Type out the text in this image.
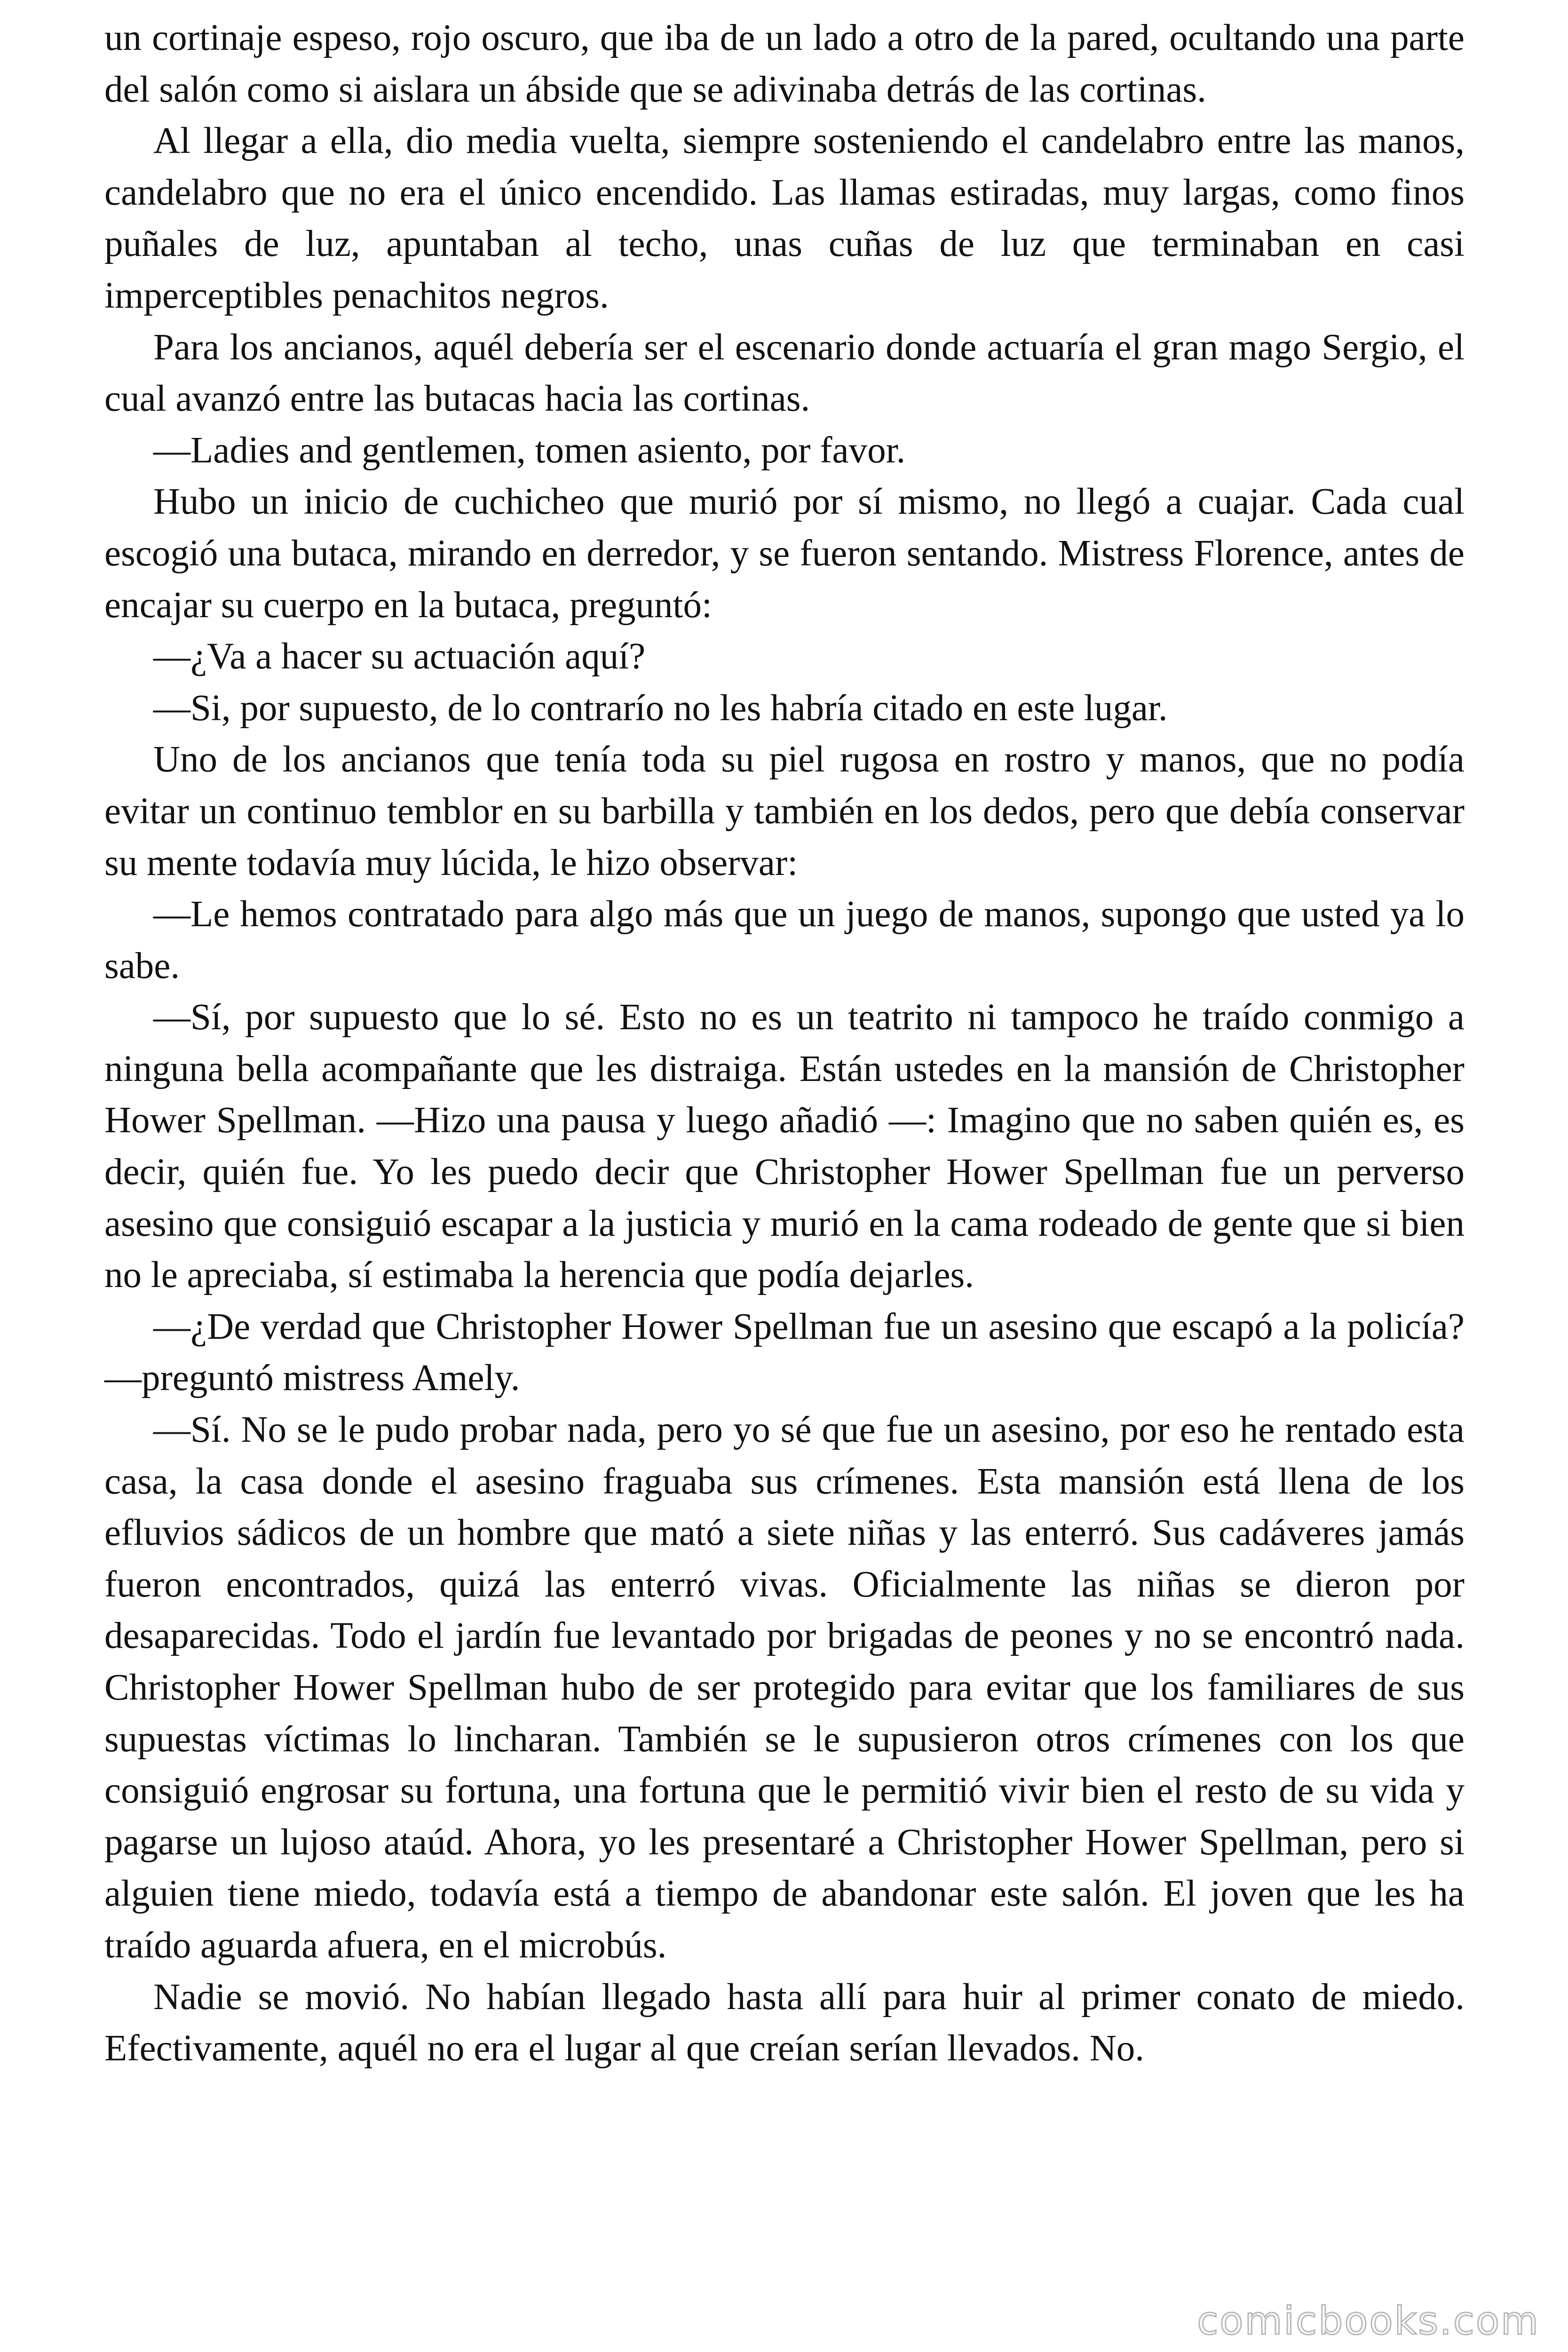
un cortinaje espeso, rojo oscuro, que iba de un lado a otro de la pared, ocultando una parte del salón como si aislara un ábside que se adivinaba detrás de las cortinas.

Al llegar a ella, dio media vuelta, siempre sosteniendo el candelabro entre las manos, candelabro que no era el único encendido. Las llamas estiradas, muy largas, como finos puñales de luz, apuntaban al techo, unas cuñas de luz que terminaban en casi imperceptibles penachitos negros.

Para los ancianos, aquél debería ser el escenario donde actuaría el gran mago Sergio, el cual avanzó entre las butacas hacia las cortinas.

—Ladies and gentlemen, tomen asiento, por favor.

Hubo un inicio de cuchicheo que murió por sí mismo, no llegó a cuajar. Cada cual escogió una butaca, mirando en derredor, y se fueron sentando. Mistress Florence, antes de encajar su cuerpo en la butaca, preguntó:

—¿Va a hacer su actuación aquí?

—Si, por supuesto, de lo contrarío no les habría citado en este lugar.

Uno de los ancianos que tenía toda su piel rugosa en rostro y manos, que no podía evitar un continuo temblor en su barbilla y también en los dedos, pero que debía conservar su mente todavía muy lúcida, le hizo observar:

—Le hemos contratado para algo más que un juego de manos, supongo que usted ya lo sabe.

—Sí, por supuesto que lo sé. Esto no es un teatrito ni tampoco he traído conmigo a ninguna bella acompañante que les distraiga. Están ustedes en la mansión de Christopher Hower Spellman. —Hizo una pausa y luego añadió —: Imagino que no saben quién es, es decir, quién fue. Yo les puedo decir que Christopher Hower Spellman fue un perverso asesino que consiguió escapar a la justicia y murió en la cama rodeado de gente que si bien no le apreciaba, sí estimaba la herencia que podía dejarles.

—¿De verdad que Christopher Hower Spellman fue un asesino que escapó a la policía? —preguntó mistress Amely.

—Sí. No se le pudo probar nada, pero yo sé que fue un asesino, por eso he rentado esta casa, la casa donde el asesino fraguaba sus crímenes. Esta mansión está llena de los efluvios sádicos de un hombre que mató a siete niñas y las enterró. Sus cadáveres jamás fueron encontrados, quizá las enterró vivas. Oficialmente las niñas se dieron por desaparecidas. Todo el jardín fue levantado por brigadas de peones y no se encontró nada. Christopher Hower Spellman hubo de ser protegido para evitar que los familiares de sus supuestas víctimas lo lincharan. También se le supusieron otros crímenes con los que consiguió engrosar su fortuna, una fortuna que le permitió vivir bien el resto de su vida y pagarse un lujoso ataúd. Ahora, yo les presentaré a Christopher Hower Spellman, pero si alguien tiene miedo, todavía está a tiempo de abandonar este salón. El joven que les ha traído aguarda afuera, en el microbús.

Nadie se movió. No habían llegado hasta allí para huir al primer conato de miedo. Efectivamente, aquél no era el lugar al que creían serían llevados. No.

comicbooks.com
